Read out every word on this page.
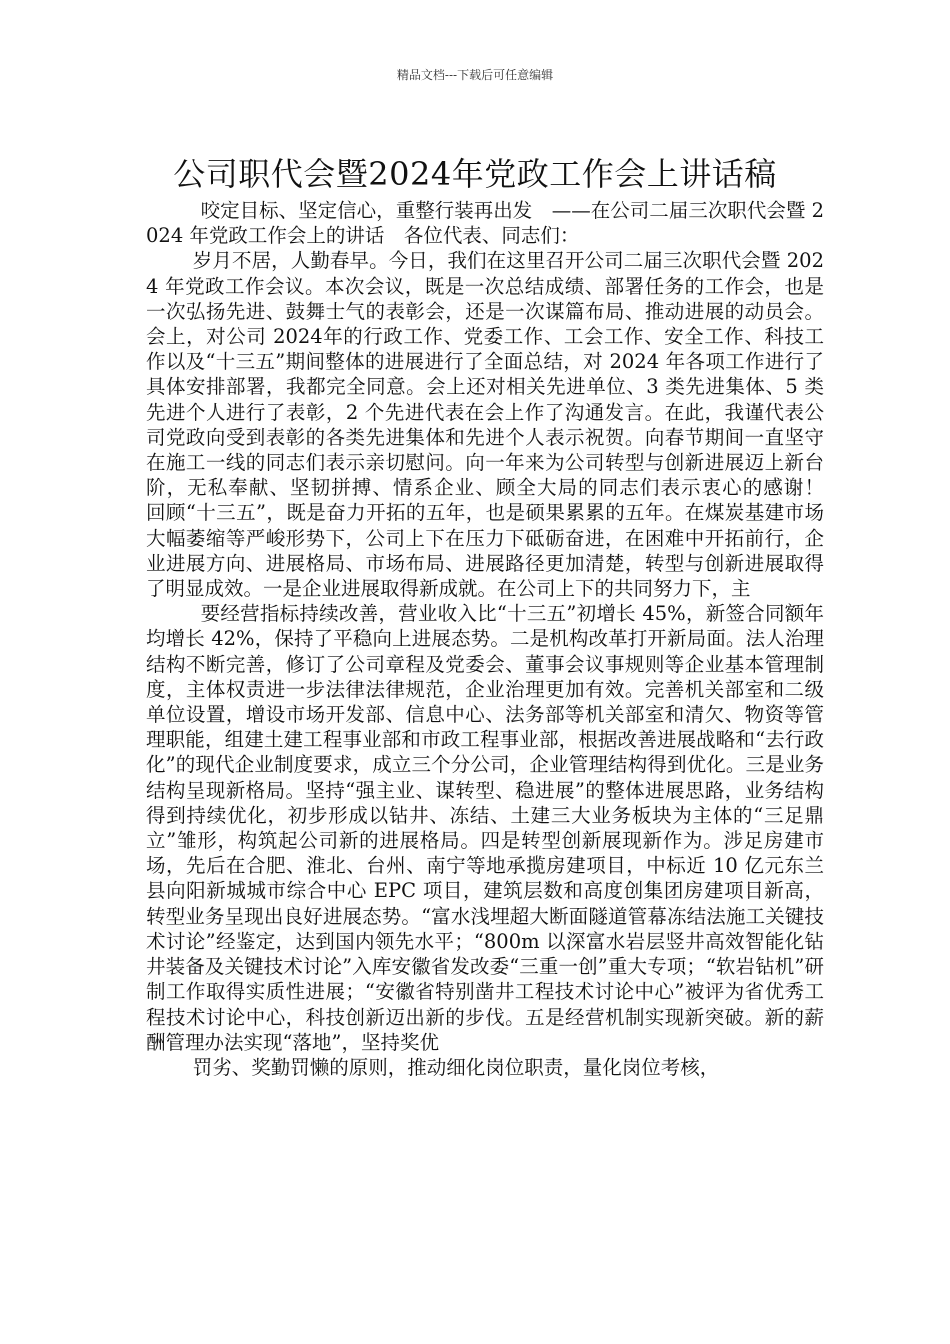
精品文档---下载后可任意编辑
公司职代会暨2024年党政工作会上讲话稿

咬定目标、坚定信心，重整行装再出发　——在公司二届三次职代会暨 2024 年党政工作会上的讲话　各位代表、同志们：

岁月不居，人勤春早。今日，我们在这里召开公司二届三次职代会暨 2024 年党政工作会议。本次会议，既是一次总结成绩、部署任务的工作会，也是一次弘扬先进、鼓舞士气的表彰会，还是一次谋篇布局、推动进展的动员会。会上，对公司 2024年的行政工作、党委工作、工会工作、安全工作、科技工作以及“十三五”期间整体的进展进行了全面总结，对 2024 年各项工作进行了具体安排部署，我都完全同意。会上还对相关先进单位、3 类先进集体、5 类先进个人进行了表彰，2 个先进代表在会上作了沟通发言。在此，我谨代表公司党政向受到表彰的各类先进集体和先进个人表示祝贺。向春节期间一直坚守在施工一线的同志们表示亲切慰问。向一年来为公司转型与创新进展迈上新台阶，无私奉献、坚韧拼搏、情系企业、顾全大局的同志们表示衷心的感谢！　回顾“十三五”，既是奋力开拓的五年，也是硕果累累的五年。在煤炭基建市场大幅萎缩等严峻形势下，公司上下在压力下砥砺奋进，在困难中开拓前行，企业进展方向、进展格局、市场布局、进展路径更加清楚，转型与创新进展取得了明显成效。一是企业进展取得新成就。在公司上下的共同努力下，主

要经营指标持续改善，营业收入比“十三五”初增长 45%，新签合同额年均增长 42%，保持了平稳向上进展态势。二是机构改革打开新局面。法人治理结构不断完善，修订了公司章程及党委会、董事会议事规则等企业基本管理制度，主体权责进一步法律法律规范，企业治理更加有效。完善机关部室和二级单位设置，增设市场开发部、信息中心、法务部等机关部室和清欠、物资等管理职能，组建土建工程事业部和市政工程事业部，根据改善进展战略和“去行政化”的现代企业制度要求，成立三个分公司，企业管理结构得到优化。三是业务结构呈现新格局。坚持“强主业、谋转型、稳进展”的整体进展思路，业务结构得到持续优化，初步形成以钻井、冻结、土建三大业务板块为主体的“三足鼎立”雏形，构筑起公司新的进展格局。四是转型创新展现新作为。涉足房建市场，先后在合肥、淮北、台州、南宁等地承揽房建项目，中标近 10 亿元东兰县向阳新城城市综合中心 EPC 项目，建筑层数和高度创集团房建项目新高，转型业务呈现出良好进展态势。“富水浅埋超大断面隧道管幕冻结法施工关键技术讨论”经鉴定，达到国内领先水平；“800m 以深富水岩层竖井高效智能化钻井装备及关键技术讨论”入库安徽省发改委“三重一创”重大专项；“软岩钻机”研制工作取得实质性进展；“安徽省特别凿井工程技术讨论中心”被评为省优秀工程技术讨论中心，科技创新迈出新的步伐。五是经营机制实现新突破。新的薪酬管理办法实现“落地”，坚持奖优

罚劣、奖勤罚懒的原则，推动细化岗位职责，量化岗位考核，
